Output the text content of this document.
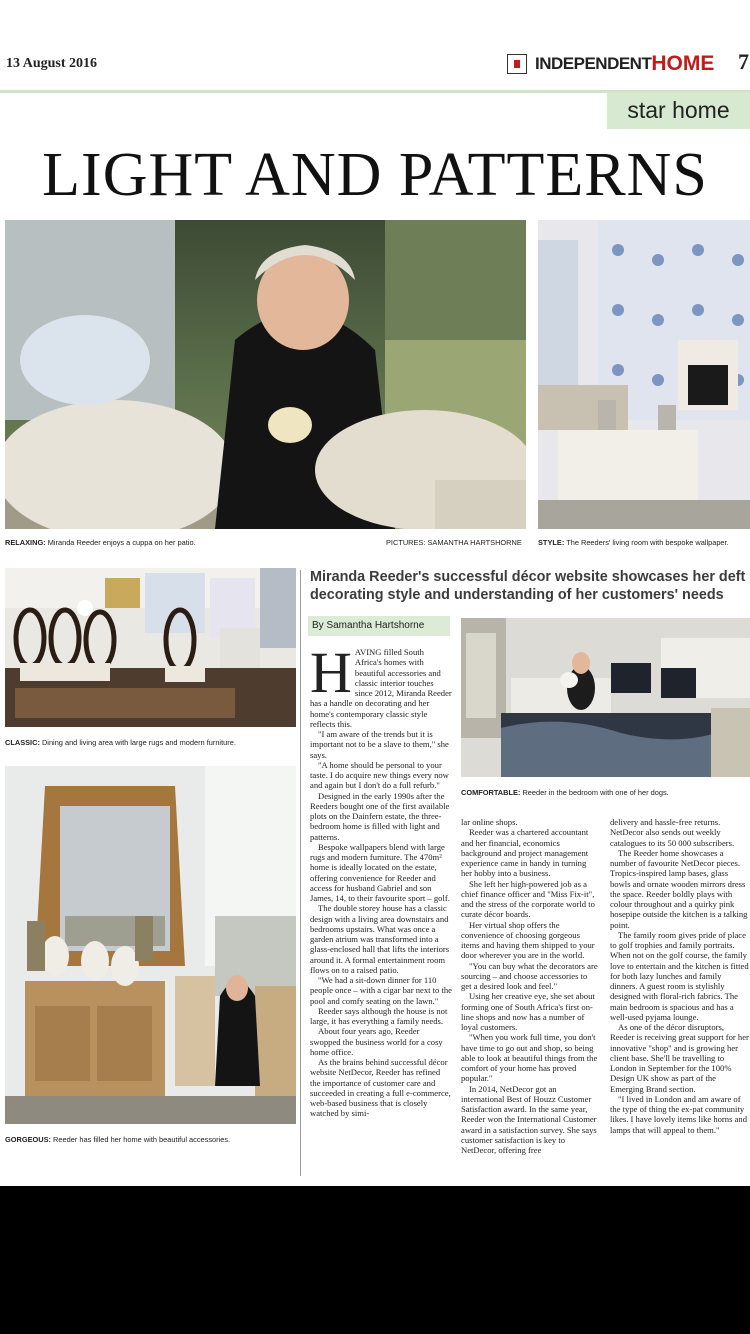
13 August 2016	INDEPENDENT HOME 7
star home
LIGHT AND PATTERNS
RELAXING: Miranda Reeder enjoys a cuppa on her patio.	PICTURES: SAMANTHA HARTSHORNE STYLE: The Reeders' living room with bespoke wallpaper.
CLASSIC: Dining and living area with large rugs and modern furniture.
GORGEOUS: Reeder has filled her home with beautiful accessories.
Miranda Reeder's successful décor website showcases her deft decorating style and understanding of her customers' needs
By Samantha Hartshorne
COMFORTABLE: Reeder in the bedroom with one of her dogs.
H AVING filled South Africa's homes with beautiful accessories and classic interior touches since 2012, Miranda Reeder has a handle on decorating and her home's contemporary classic style reflects this.

"I am aware of the trends but it is important not to be a slave to them," she says.

"A home should be personal to your taste. I do acquire new things every now and again but I don't do a full refurb."

Designed in the early 1990s after the Reeders bought one of the first available plots on the Dainfern estate, the three-bedroom home is filled with light and patterns.

Bespoke wallpapers blend with large rugs and modern furniture. The 470m² home is ideally located on the estate, offering convenience for Reeder and access for husband Gabriel and son James, 14, to their favourite sport – golf.

The double storey house has a classic design with a living area downstairs and bedrooms upstairs. What was once a garden atrium was transformed into a glass-enclosed hall that lifts the interiors around it. A formal entertainment room flows on to a raised patio.

"We had a sit-down dinner for 110 people once – with a cigar bar next to the pool and comfy seating on the lawn."

Reeder says although the house is not large, it has everything a family needs.

About four years ago, Reeder swopped the business world for a cosy home office.

As the brains behind successful décor website NetDecor, Reeder has refined the importance of customer care and succeeded in creating a full e-commerce, web-based business that is closely watched by simi-

lar online shops.

Reeder was a chartered accountant and her financial, economics background and project management experience came in handy in turning her hobby into a business.

She left her high-powered job as a chief finance officer and "Miss Fix-it", and the stress of the corporate world to curate décor boards.

Her virtual shop offers the convenience of choosing gorgeous items and having them shipped to your door wherever you are in the world.

"You can buy what the decorators are sourcing – and choose accessories to get a desired look and feel."

Using her creative eye, she set about forming one of South Africa's first on-line shops and now has a number of loyal customers.

"When you work full time, you don't have time to go out and shop, so being able to look at beautiful things from the comfort of your home has proved popular."

In 2014, NetDecor got an international Best of Houzz Customer Satisfaction award. In the same year, Reeder won the International Customer award in a satisfaction survey. She says customer satisfaction is key to NetDecor, offering free

delivery and hassle-free returns. NetDecor also sends out weekly catalogues to its 50 000 subscribers.

The Reeder home showcases a number of favourite NetDecor pieces. Tropics-inspired lamp bases, glass bowls and ornate wooden mirrors dress the space. Reeder boldly plays with colour throughout and a quirky pink hosepipe outside the kitchen is a talking point.

The family room gives pride of place to golf trophies and family portraits. When not on the golf course, the family love to entertain and the kitchen is fitted for both lazy lunches and family dinners. A guest room is stylishly designed with floral-rich fabrics. The main bedroom is spacious and has a well-used pyjama lounge.

As one of the décor disruptors, Reeder is receiving great support for her innovative "shop" and is growing her client base. She'll be travelling to London in September for the 100% Design UK show as part of the Emerging Brand section.

"I lived in London and am aware of the type of thing the ex-pat community likes. I have lovely items like horns and lamps that will appeal to them."
